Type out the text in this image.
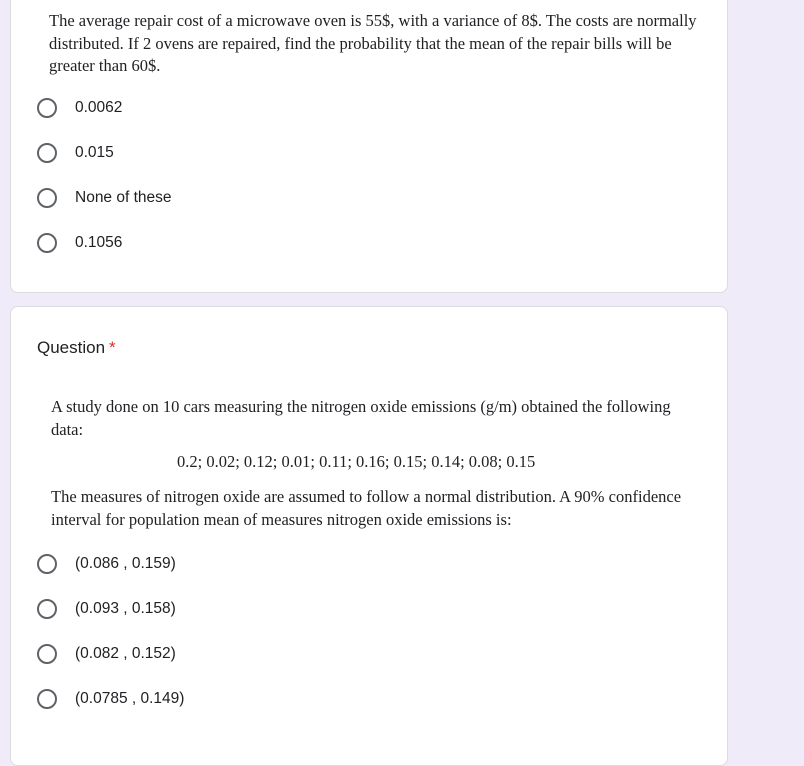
The average repair cost of a microwave oven is 55$, with a variance of 8$. The costs are normally distributed. If 2 ovens are repaired, find the probability that the mean of the repair bills will be greater than 60$.

0.0062
0.015
None of these
0.1056

Question *

A study done on 10 cars measuring the nitrogen oxide emissions (g/m) obtained the following data:

0.2; 0.02; 0.12; 0.01; 0.11; 0.16; 0.15; 0.14; 0.08; 0.15

The measures of nitrogen oxide are assumed to follow a normal distribution. A 90% confidence interval for population mean of measures nitrogen oxide emissions is:

(0.086 , 0.159)
(0.093 , 0.158)
(0.082 , 0.152)
(0.0785 , 0.149)
